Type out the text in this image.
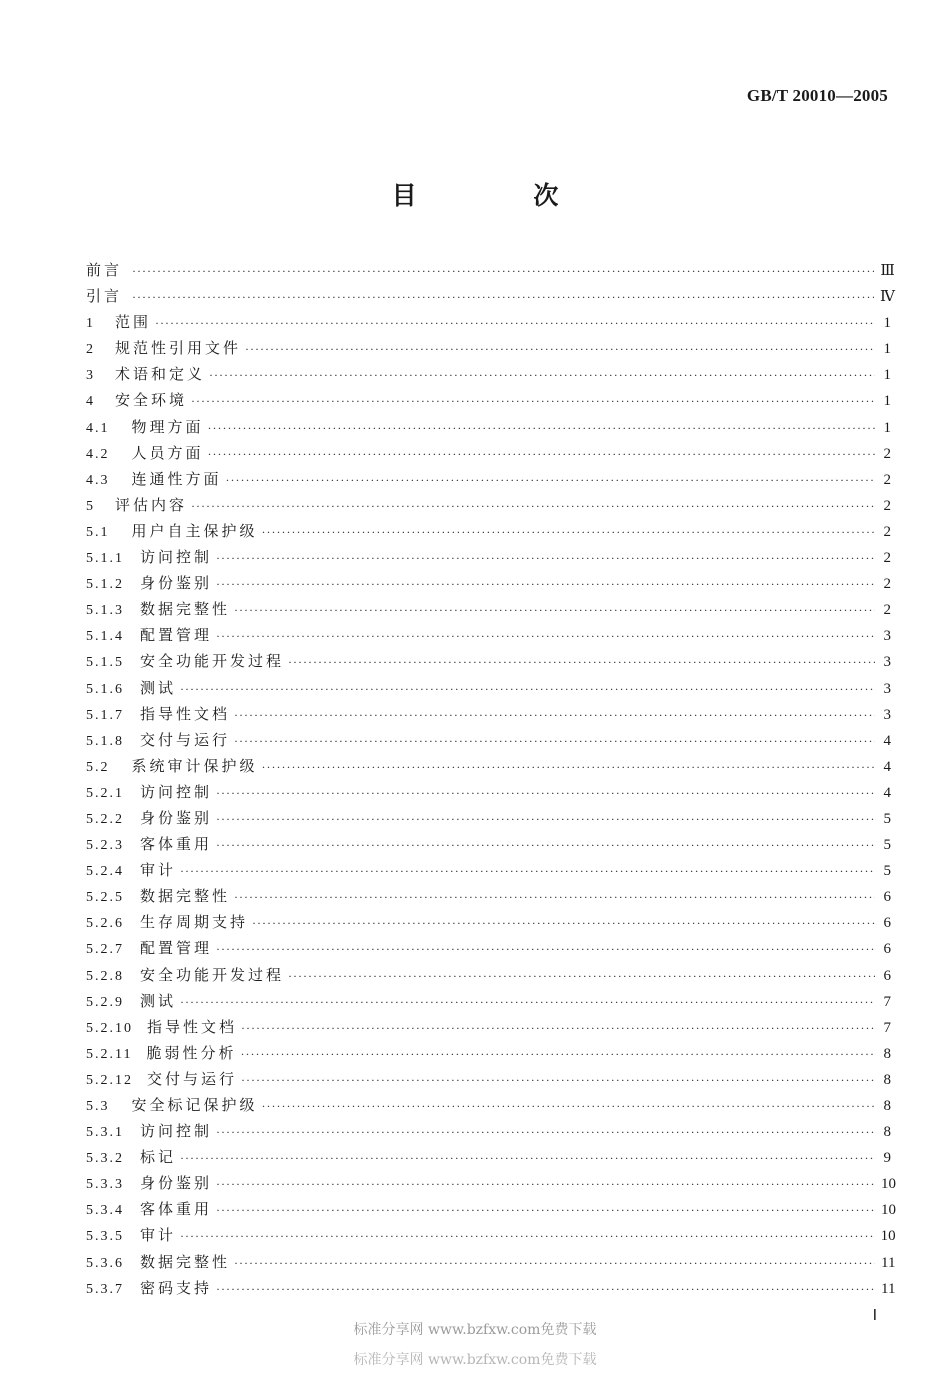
GB/T 20010—2005
目 次
前言 ·····	Ⅲ
引言 ·····	Ⅳ
1 范围 ·····	1
2 规范性引用文件 ·····	1
3 术语和定义 ·····	1
4 安全环境 ·····	1
4.1 物理方面 ·····	1
4.2 人员方面 ·····	2
4.3 连通性方面 ·····	2
5 评估内容 ·····	2
5.1 用户自主保护级 ·····	2
5.1.1 访问控制 ·····	2
5.1.2 身份鉴别 ·····	2
5.1.3 数据完整性 ·····	2
5.1.4 配置管理 ·····	3
5.1.5 安全功能开发过程 ·····	3
5.1.6 测试 ·····	3
5.1.7 指导性文档 ·····	3
5.1.8 交付与运行 ·····	4
5.2 系统审计保护级 ·····	4
5.2.1 访问控制 ·····	4
5.2.2 身份鉴别 ·····	5
5.2.3 客体重用 ·····	5
5.2.4 审计 ·····	5
5.2.5 数据完整性 ·····	6
5.2.6 生存周期支持 ·····	6
5.2.7 配置管理 ·····	6
5.2.8 安全功能开发过程 ·····	6
5.2.9 测试 ·····	7
5.2.10 指导性文档 ·····	7
5.2.11 脆弱性分析 ·····	8
5.2.12 交付与运行 ·····	8
5.3 安全标记保护级 ·····	8
5.3.1 访问控制 ·····	8
5.3.2 标记 ·····	9
5.3.3 身份鉴别 ·····	10
5.3.4 客体重用 ·····	10
5.3.5 审计 ·····	10
5.3.6 数据完整性 ·····	11
5.3.7 密码支持 ·····	11
Ⅰ
标准分享网 www.bzfxw.com免费下载
标准分享网 www.bzfxw.com免费下载
